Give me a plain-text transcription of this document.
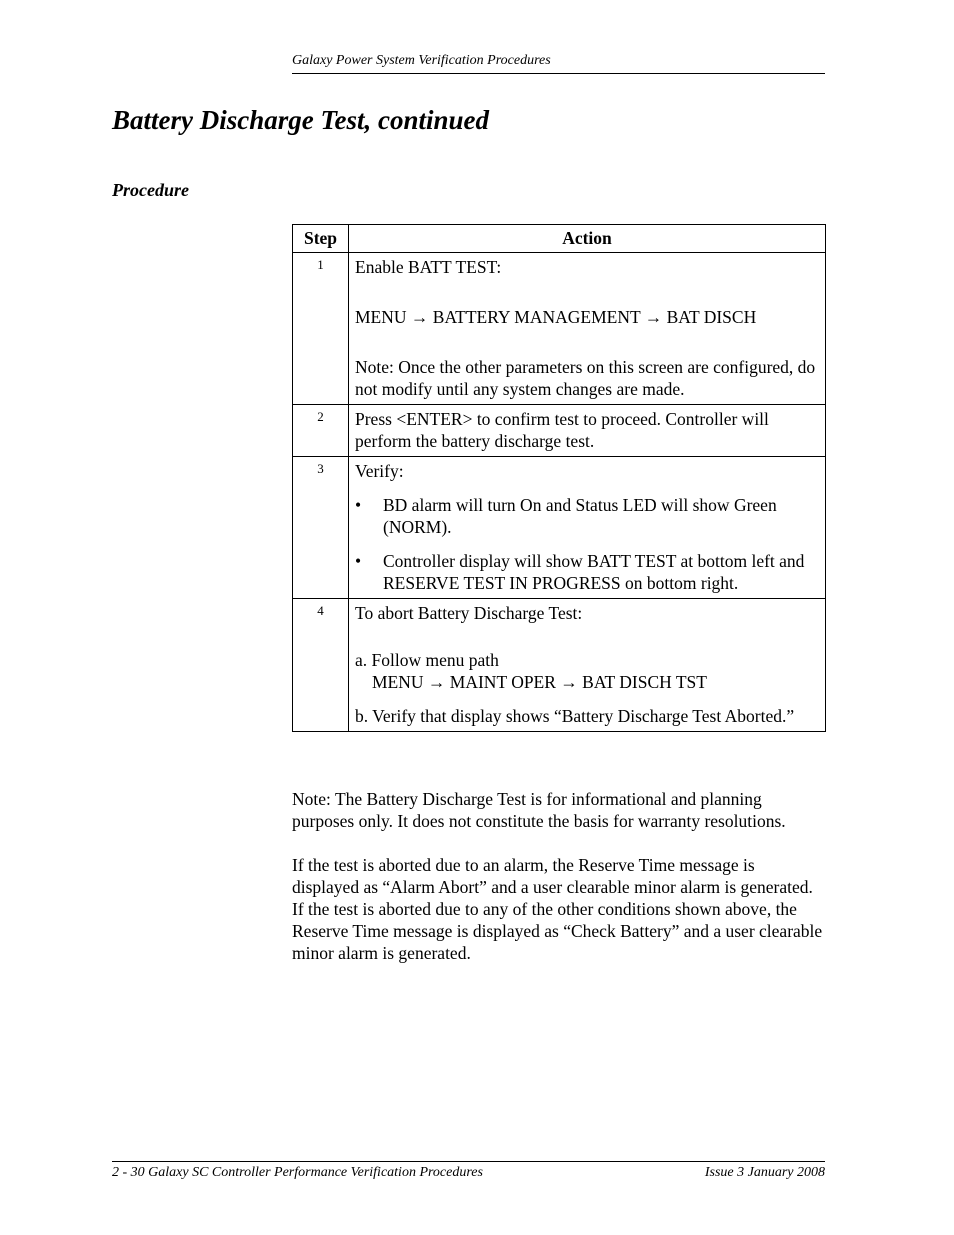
Galaxy Power System Verification Procedures
Battery Discharge Test, continued
Procedure
Step	Action
1	Enable BATT TEST:
MENU → BATTERY MANAGEMENT → BAT DISCH
Note: Once the other parameters on this screen are configured, do not modify until any system changes are made.

2	Press <ENTER> to confirm test to proceed. Controller will perform the battery discharge test.

3	Verify:
• BD alarm will turn On and Status LED will show Green (NORM).
• Controller display will show BATT TEST at bottom left and RESERVE TEST IN PROGRESS on bottom right.

4	To abort Battery Discharge Test:
a. Follow menu path
MENU → MAINT OPER → BAT DISCH TST
b. Verify that display shows “Battery Discharge Test Aborted.”

Note: The Battery Discharge Test is for informational and planning purposes only. It does not constitute the basis for warranty resolutions.

If the test is aborted due to an alarm, the Reserve Time message is displayed as “Alarm Abort” and a user clearable minor alarm is generated. If the test is aborted due to any of the other conditions shown above, the Reserve Time message is displayed as “Check Battery” and a user clearable minor alarm is generated.

2 - 30 Galaxy SC Controller Performance Verification Procedures	Issue 3 January 2008
